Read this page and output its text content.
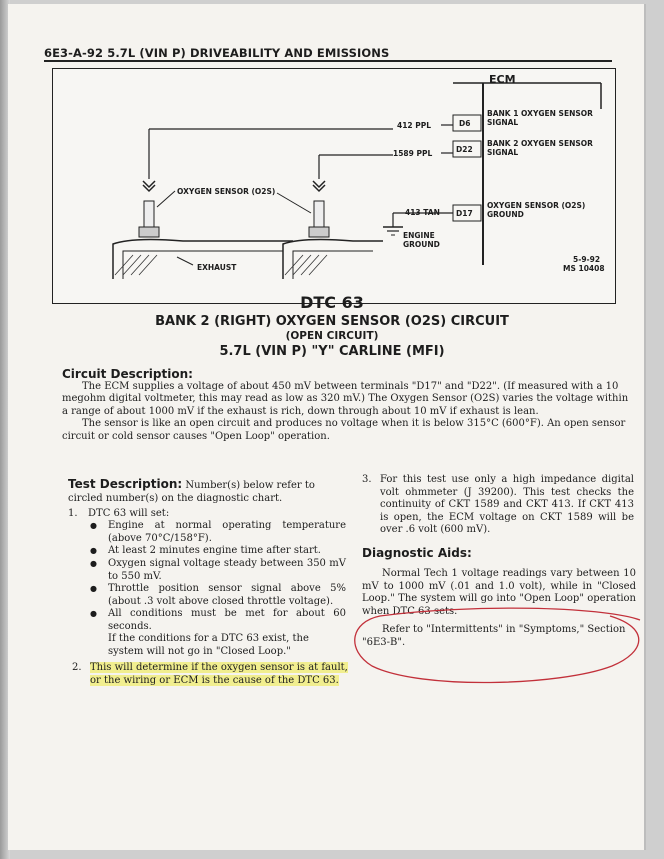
6E3-A-92 5.7L (VIN P) DRIVEABILITY AND EMISSIONS
ECM
412 PPL	D6
BANK 1 OXYGEN SENSOR SIGNAL
1589 PPL	D22
BANK 2 OXYGEN SENSOR SIGNAL
413 TAN D17
OXYGEN SENSOR (O2S) GROUND
ENGINE GROUND
OXYGEN SENSOR (O2S)
EXHAUST
5-9-92
MS 10408
DTC 63
BANK 2 (RIGHT) OXYGEN SENSOR (O2S) CIRCUIT
(OPEN CIRCUIT)
5.7L (VIN P) "Y" CARLINE (MFI)
Circuit Description:
The ECM supplies a voltage of about 450 mV between terminals "D17" and "D22". (If measured with a 10 megohm digital voltmeter, this may read as low as 320 mV.) The Oxygen Sensor (O2S) varies the voltage within a range of about 1000 mV if the exhaust is rich, down through about 10 mV if exhaust is lean.
The sensor is like an open circuit and produces no voltage when it is below 315°C (600°F). An open sensor circuit or cold sensor causes "Open Loop" operation.
Test Description: Number(s) below refer to circled number(s) on the diagnostic chart.
1. DTC 63 will set:
● Engine at normal operating temperature (above 70°C/158°F).
● At least 2 minutes engine time after start.
● Oxygen signal voltage steady between 350 mV to 550 mV.
● Throttle position sensor signal above 5% (about .3 volt above closed throttle voltage).
● All conditions must be met for about 60 seconds.
If the conditions for a DTC 63 exist, the system will not go in "Closed Loop."
2. This will determine if the oxygen sensor is at fault, or the wiring or ECM is the cause of the DTC 63.
3. For this test use only a high impedance digital volt ohmmeter (J 39200). This test checks the continuity of CKT 1589 and CKT 413. If CKT 413 is open, the ECM voltage on CKT 1589 will be over .6 volt (600 mV).
Diagnostic Aids:
Normal Tech 1 voltage readings vary between 10 mV to 1000 mV (.01 and 1.0 volt), while in "Closed Loop." The system will go into "Open Loop" operation when DTC 63 sets.
Refer to "Intermittents" in "Symptoms," Section "6E3-B".
